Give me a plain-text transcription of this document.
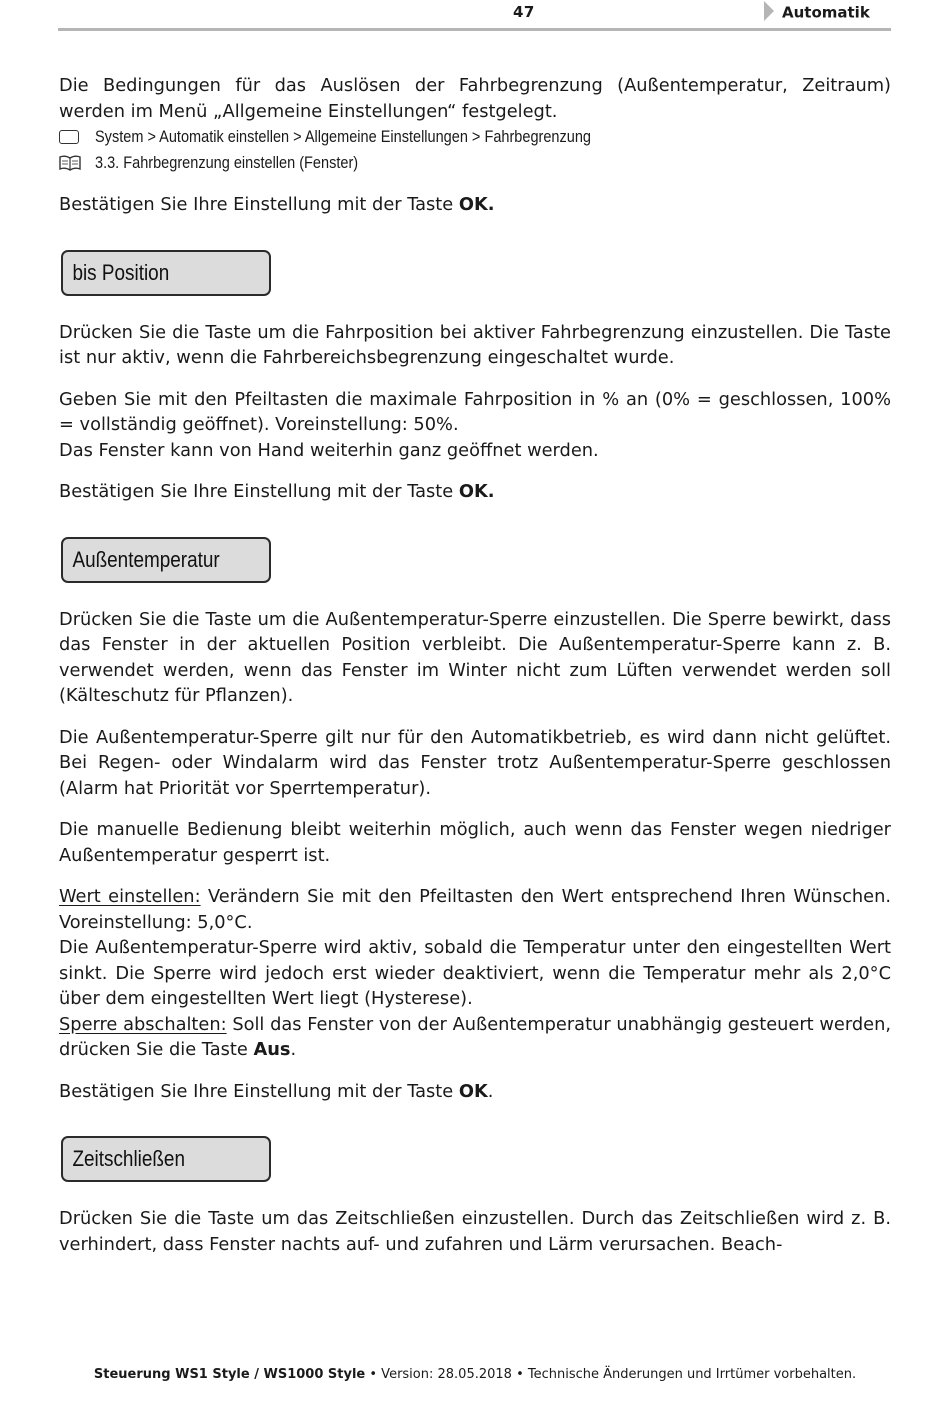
47	Automatik

Die Bedingungen für das Auslösen der Fahrbegrenzung (Außentemperatur, Zeitraum) werden im Menü „Allgemeine Einstellungen“ festgelegt.

System > Automatik einstellen > Allgemeine Einstellungen > Fahrbegrenzung
3.3. Fahrbegrenzung einstellen (Fenster)

Bestätigen Sie Ihre Einstellung mit der Taste OK.

bis Position

Drücken Sie die Taste um die Fahrposition bei aktiver Fahrbegrenzung einzustellen. Die Taste ist nur aktiv, wenn die Fahrbereichsbegrenzung eingeschaltet wurde.

Geben Sie mit den Pfeiltasten die maximale Fahrposition in % an (0% = geschlossen, 100% = vollständig geöffnet). Voreinstellung: 50%.
Das Fenster kann von Hand weiterhin ganz geöffnet werden.

Bestätigen Sie Ihre Einstellung mit der Taste OK.

Außentemperatur

Drücken Sie die Taste um die Außentemperatur-Sperre einzustellen. Die Sperre bewirkt, dass das Fenster in der aktuellen Position verbleibt. Die Außentemperatur-Sperre kann z. B. verwendet werden, wenn das Fenster im Winter nicht zum Lüften verwendet werden soll (Kälteschutz für Pflanzen).

Die Außentemperatur-Sperre gilt nur für den Automatikbetrieb, es wird dann nicht gelüftet. Bei Regen- oder Windalarm wird das Fenster trotz Außentemperatur-Sperre geschlossen (Alarm hat Priorität vor Sperrtemperatur).

Die manuelle Bedienung bleibt weiterhin möglich, auch wenn das Fenster wegen niedriger Außentemperatur gesperrt ist.

Wert einstellen: Verändern Sie mit den Pfeiltasten den Wert entsprechend Ihren Wünschen. Voreinstellung: 5,0°C.
Die Außentemperatur-Sperre wird aktiv, sobald die Temperatur unter den eingestellten Wert sinkt. Die Sperre wird jedoch erst wieder deaktiviert, wenn die Temperatur mehr als 2,0°C über dem eingestellten Wert liegt (Hysterese).
Sperre abschalten: Soll das Fenster von der Außentemperatur unabhängig gesteuert werden, drücken Sie die Taste Aus.

Bestätigen Sie Ihre Einstellung mit der Taste OK.

Zeitschließen

Drücken Sie die Taste um das Zeitschließen einzustellen. Durch das Zeitschließen wird z. B. verhindert, dass Fenster nachts auf- und zufahren und Lärm verursachen. Beach-

Steuerung WS1 Style / WS1000 Style • Version: 28.05.2018 • Technische Änderungen und Irrtümer vorbehalten.
